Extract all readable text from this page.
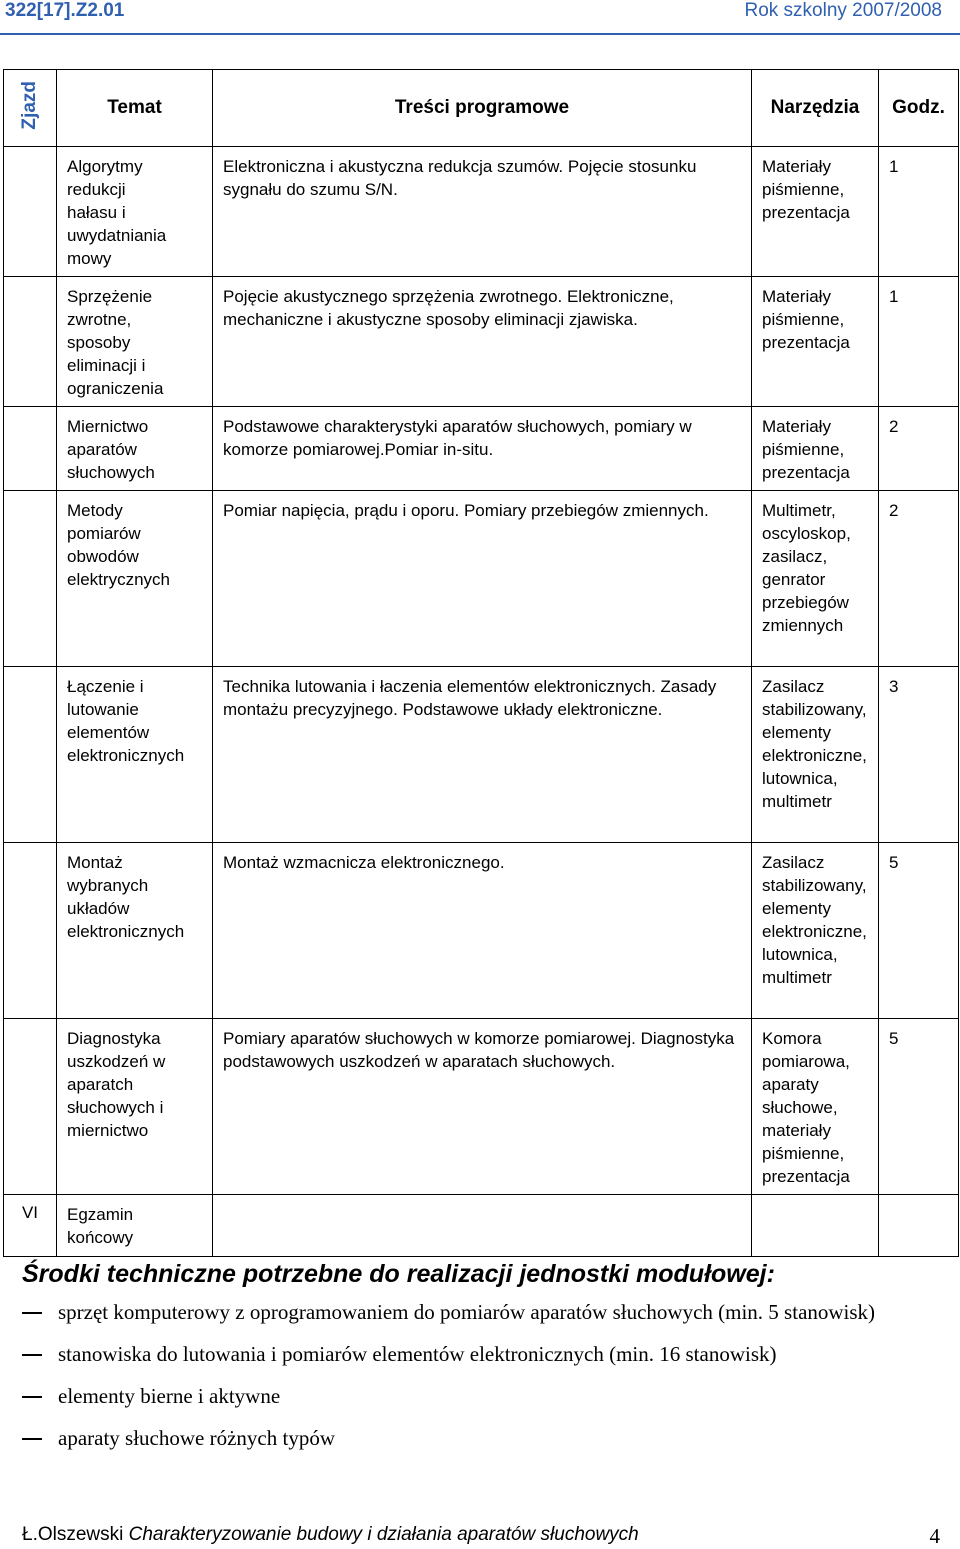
322[17].Z2.01	Rok szkolny 2007/2008
Zjazd	Temat	Treści programowe	Narzędzia	Godz.
	Algorytmy redukcji hałasu i uwydatniania mowy	Elektroniczna i akustyczna redukcja szumów. Pojęcie stosunku sygnału do szumu S/N.	Materiały piśmienne, prezentacja	1
	Sprzężenie zwrotne, sposoby eliminacji i ograniczenia	Pojęcie akustycznego sprzężenia zwrotnego. Elektroniczne, mechaniczne i akustyczne sposoby eliminacji zjawiska.	Materiały piśmienne, prezentacja	1
	Miernictwo aparatów słuchowych	Podstawowe charakterystyki aparatów słuchowych, pomiary w komorze pomiarowej.Pomiar in-situ.	Materiały piśmienne, prezentacja	2
	Metody pomiarów obwodów elektrycznych	Pomiar napięcia, prądu i oporu. Pomiary przebiegów zmiennych.	Multimetr, oscyloskop, zasilacz, genrator przebiegów zmiennych	2
	Łączenie i lutowanie elementów elektronicznych	Technika lutowania i łaczenia elementów elektronicznych. Zasady montażu precyzyjnego. Podstawowe układy elektroniczne.	Zasilacz stabilizowany, elementy elektroniczne, lutownica, multimetr	3
	Montaż wybranych układów elektronicznych	Montaż wzmacnicza elektronicznego.	Zasilacz stabilizowany, elementy elektroniczne, lutownica, multimetr	5
	Diagnostyka uszkodzeń w aparatch słuchowych i miernictwo	Pomiary aparatów słuchowych w komorze pomiarowej. Diagnostyka podstawowych uszkodzeń w aparatach słuchowych.	Komora pomiarowa, aparaty słuchowe, materiały piśmienne, prezentacja	5
VI	Egzamin końcowy			
Środki techniczne potrzebne do realizacji jednostki modułowej:
sprzęt komputerowy z oprogramowaniem do pomiarów aparatów słuchowych (min. 5 stanowisk)
stanowiska do lutowania i pomiarów elementów elektronicznych (min. 16 stanowisk)
elementy bierne i aktywne
aparaty słuchowe różnych typów
Ł.Olszewski Charakteryzowanie budowy i działania aparatów słuchowych	4
